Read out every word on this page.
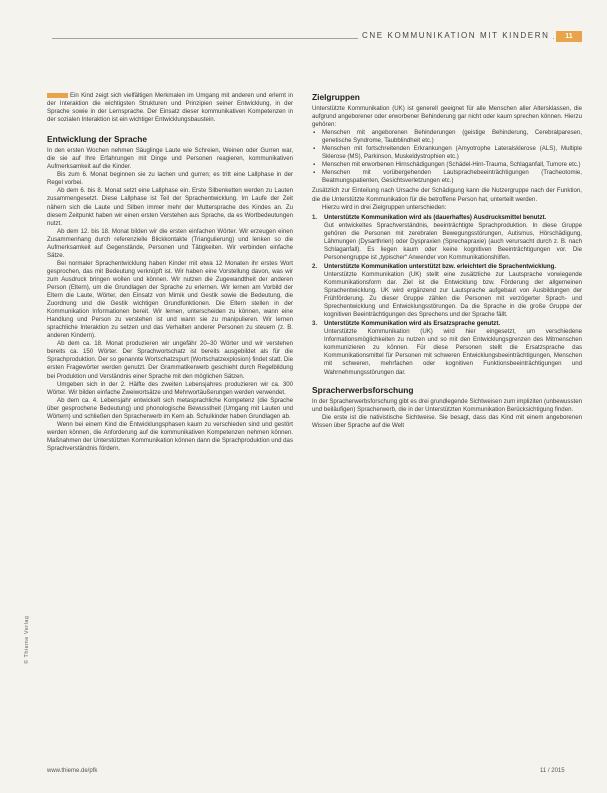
CNE KOMMUNIKATION MIT KINDERN	11

Ein Kind zeigt sich vielfältigen Merkmalen im Umgang mit anderen und erlernt in der Interaktion die wichtigsten Strukturen und Prinzipien seiner Entwicklung, in der Sprache sowie in der Lernsprache. Der Einsatz dieser kommunikativen Kompetenzen in der sozialen Interaktion ist ein wichtiger Entwicklungsbaustein.

Entwicklung der Sprache

In den ersten Wochen nehmen Säuglinge Laute wie Schreien, Weinen oder Gurren war, die sie auf Ihre Erfahrungen mit Dinge und Personen reagieren, kommunikativen Aufmerksamkeit auf die Kinder.

Bis zum 6. Monat beginnen sie zu lachen und gurren; es tritt eine Lallphase in der Regel vorbei.

Ab dem 6. bis 8. Monat setzt eine Lallphase ein. Erste Silbenketten werden zu Lauten zusammengesetzt. Diese Lallphase ist Teil der Sprachentwicklung. Im Laufe der Zeit nähern sich die Laute und Silben immer mehr der Muttersprache des Kindes an. Zu diesem Zeitpunkt haben wir einen ersten Verstehen aus Sprache, da es Wortbedeutungen nutzt.

Ab dem 12. bis 18. Monat bilden wir die ersten einfachen Wörter. Wir erzeugen einen Zusammenhang durch referenzielle Blickkontakte (Triangulierung) und lenken so die Aufmerksamkeit auf Gegenstände, Personen und Tätigkeiten. Wir verbinden einfache Sätze.

Bei normaler Sprachentwicklung haben Kinder mit etwa 12 Monaten ihr erstes Wort gesprochen, das mit Bedeutung verknüpft ist. Wir haben eine Vorstellung davon, was wir zum Ausdruck bringen wollen und können. Wir nutzen die Zugewandtheit der anderen Person (Eltern), um die Grundlagen der Sprache zu erlernen. Wir lernen am Vorbild der Eltern die Laute, Wörter, den Einsatz von Mimik und Gestik sowie die Bedeutung, die Zuordnung und die Gestik wichtigen Grundfunktionen. Die Eltern stellen in der Kommunikation Informationen bereit. Wir lernen, unterscheiden zu können, wann eine Handlung und Person zu verstehen ist und wann sie zu manipulieren. Wir lernen sprachliche Interaktion zu setzen und das Verhalten anderer Personen zu steuern (z. B. anderen Kindern).

Ab dem ca. 18. Monat produzieren wir ungefähr 20–30 Wörter und wir verstehen bereits ca. 150 Wörter. Der Sprachwortschatz ist bereits ausgebildet als für die Sprachproduktion. Der so genannte Wortschatzspurt (Wortschatzexplosion) findet statt. Die ersten Fragewörter werden genutzt. Der Grammatikerwerb geschieht durch Regelbildung bei Produktion und Verständnis einer Sprache mit den möglichen Sätzen.

Umgeben sich in der 2. Hälfte des zweiten Lebensjahres produzieren wir ca. 300 Wörter. Wir bilden einfache Zweiwortsätze und Mehrwortäußerungen werden verwendet.

Ab dem ca. 4. Lebensjahr entwickelt sich metasprachliche Kompetenz (die Sprache über gesprochene Bedeutung) und phonologische Bewusstheit (Umgang mit Lauten und Wörtern) und schließen den Spracherwerb im Kern ab. Schulkinder haben Grundlagen ab.

Wenn bei einem Kind die Entwicklungsphasen kaum zu verschieden sind und gestört werden können, die Anforderung auf die kommunikativen Kompetenzen nehmen können. Maßnahmen der Unterstützten Kommunikation können dann die Sprachproduktion und das Sprachverständnis fördern.

Zielgruppen

Unterstützte Kommunikation (UK) ist generell geeignet für alle Menschen aller Altersklassen, die aufgrund angeborener oder erworbener Behinderung gar nicht oder kaum sprechen können. Hierzu gehören:

▪ Menschen mit angeborenen Behinderungen (geistige Behinderung, Cerebralparesen, genetische Syndrome, Taubblindheit etc.)
▪ Menschen mit fortschreitenden Erkrankungen (Amyotrophe Lateralsklerose (ALS), Multiple Sklerose (MS), Parkinson, Muskeldystrophien etc.)
▪ Menschen mit erworbenen Hirnschädigungen (Schädel-Hirn-Trauma, Schlaganfall, Tumore etc.)
▪ Menschen mit vorübergehenden Lautsprachebeeinträchtigungen (Tracheotomie, Beatmungspatienten, Gesichtsverletzungen etc.)

Zusätzlich zur Einteilung nach Ursache der Schädigung kann die Nutzergruppe nach der Funktion, die die Unterstützte Kommunikation für die betroffene Person hat, unterteilt werden.

Hierzu wird in drei Zielgruppen unterschieden:

1. Unterstützte Kommunikation wird als (dauerhaftes) Ausdrucksmittel benutzt.
Gut entwickeltes Sprachverständnis, beeinträchtigte Sprachproduktion. In diese Gruppe gehören die Personen mit zerebralen Bewegungsstörungen, Autismus, Hörschädigung, Lähmungen (Dysarthrien) oder Dyspraxien (Sprechapraxie) (auch verursacht durch z. B. nach Schlaganfall). Es liegen kaum oder keine kognitiven Beeinträchtigungen vor. Die Personengruppe ist „typischer“ Anwender von Kommunikationshilfen.
2. Unterstützte Kommunikation unterstützt bzw. erleichtert die Sprachentwicklung.
Unterstützte Kommunikation (UK) stellt eine zusätzliche zur Lautsprache vorwiegende Kommunikationsform dar. Ziel ist die Entwicklung bzw. Förderung der allgemeinen Sprachentwicklung. UK wird ergänzend zur Lautsprache aufgebaut von Ausbildungen der Frühförderung. Zu dieser Gruppe zählen die Personen mit verzögerter Sprach- und Sprechentwicklung und Entwicklungsstörungen. Da die Sprache in die große Gruppe der kognitiven Beeinträchtigungen des Sprechens und der Sprache fällt.
3. Unterstützte Kommunikation wird als Ersatzsprache genutzt.
Unterstützte Kommunikation (UK) wird hier eingesetzt, um verschiedene Informationsmöglichkeiten zu nutzen und so mit den Entwicklungsgrenzen des Mitmenschen kommunizieren zu können. Für diese Personen stellt die Ersatzsprache das Kommunikationsmittel für Personen mit schweren Entwicklungsbeeinträchtigungen, Menschen mit schweren, mehrfachen oder kognitiven Funktionsbeeinträchtigungen und Wahrnehmungsstörungen dar.
Spracherwerbsforschung

In der Spracherwerbsforschung gibt es drei grundlegende Sichtweisen zum impliziten (unbewussten und beiläufigen) Spracherwerb, die in der Unterstützten Kommunikation Berücksichtigung finden.

Die erste ist die nativistische Sichtweise. Sie besagt, dass das Kind mit einem angeborenen Wissen über Sprache auf die Welt

© Thieme Verlag
www.thieme.de/pfk	11 / 2015
